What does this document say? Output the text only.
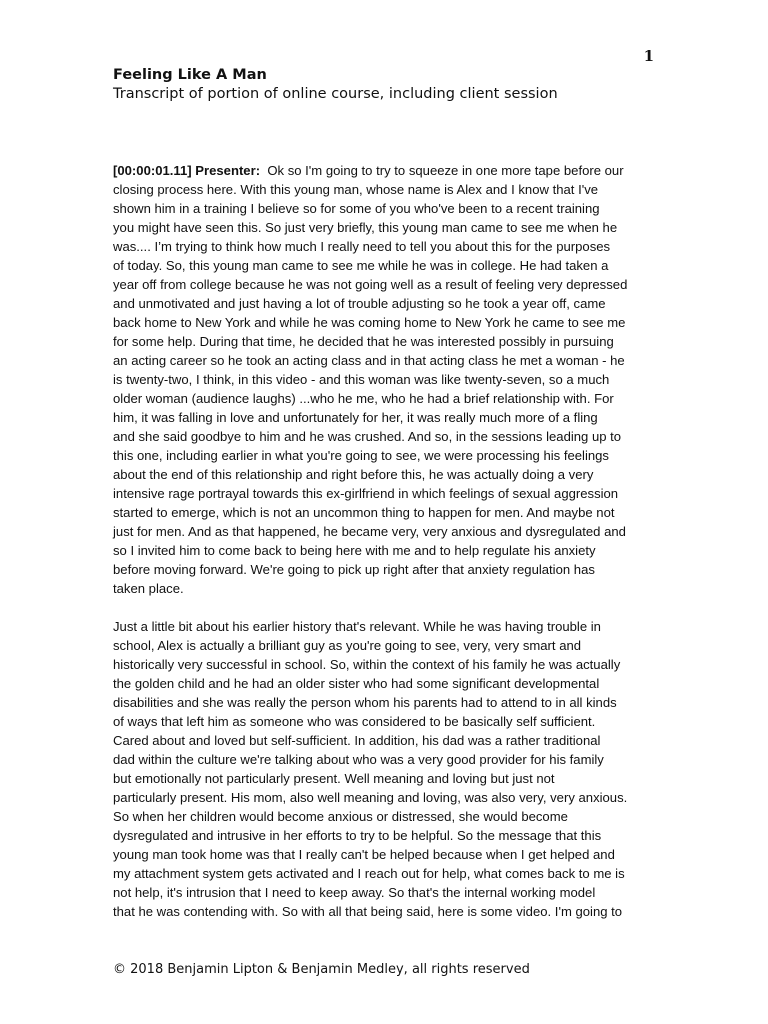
1
Feeling Like A Man
Transcript of portion of online course, including client session

[00:00:01.11] Presenter:  Ok so I'm going to try to squeeze in one more tape before our
closing process here. With this young man, whose name is Alex and I know that I've
shown him in a training I believe so for some of you who've been to a recent training
you might have seen this. So just very briefly, this young man came to see me when he
was.... I’m trying to think how much I really need to tell you about this for the purposes
of today. So, this young man came to see me while he was in college. He had taken a
year off from college because he was not going well as a result of feeling very depressed
and unmotivated and just having a lot of trouble adjusting so he took a year off, came
back home to New York and while he was coming home to New York he came to see me
for some help. During that time, he decided that he was interested possibly in pursuing
an acting career so he took an acting class and in that acting class he met a woman - he
is twenty-two, I think, in this video - and this woman was like twenty-seven, so a much
older woman (audience laughs) ...who he me, who he had a brief relationship with. For
him, it was falling in love and unfortunately for her, it was really much more of a fling
and she said goodbye to him and he was crushed. And so, in the sessions leading up to
this one, including earlier in what you're going to see, we were processing his feelings
about the end of this relationship and right before this, he was actually doing a very
intensive rage portrayal towards this ex-girlfriend in which feelings of sexual aggression
started to emerge, which is not an uncommon thing to happen for men. And maybe not
just for men. And as that happened, he became very, very anxious and dysregulated and
so I invited him to come back to being here with me and to help regulate his anxiety
before moving forward. We're going to pick up right after that anxiety regulation has
taken place.

Just a little bit about his earlier history that's relevant. While he was having trouble in
school, Alex is actually a brilliant guy as you're going to see, very, very smart and
historically very successful in school. So, within the context of his family he was actually
the golden child and he had an older sister who had some significant developmental
disabilities and she was really the person whom his parents had to attend to in all kinds
of ways that left him as someone who was considered to be basically self sufficient.
Cared about and loved but self-sufficient. In addition, his dad was a rather traditional
dad within the culture we're talking about who was a very good provider for his family
but emotionally not particularly present. Well meaning and loving but just not
particularly present. His mom, also well meaning and loving, was also very, very anxious.
So when her children would become anxious or distressed, she would become
dysregulated and intrusive in her efforts to try to be helpful. So the message that this
young man took home was that I really can't be helped because when I get helped and
my attachment system gets activated and I reach out for help, what comes back to me is
not help, it's intrusion that I need to keep away. So that's the internal working model
that he was contending with. So with all that being said, here is some video. I'm going to

© 2018 Benjamin Lipton & Benjamin Medley, all rights reserved
